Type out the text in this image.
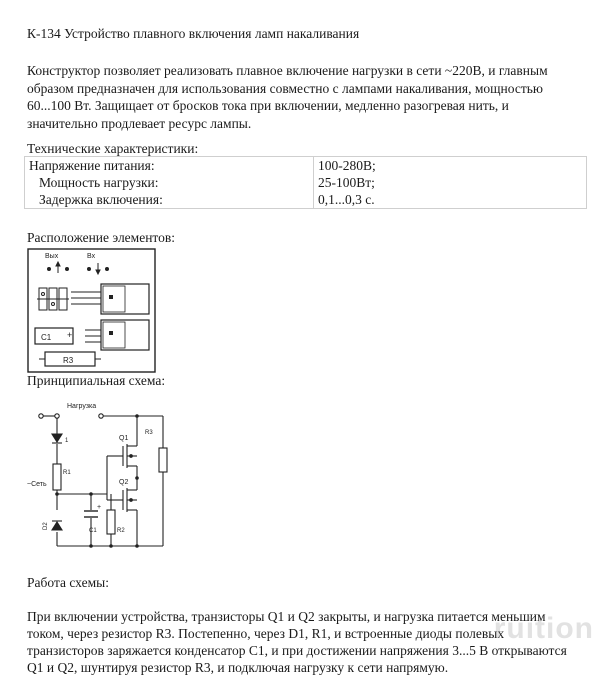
К-134 Устройство плавного включения ламп накаливания
Конструктор позволяет реализовать плавное включение нагрузки в сети ~220В, и главным
образом предназначен для использования совместно с лампами накаливания, мощностью
60...100 Вт. Защищает от бросков тока при включении, медленно разогревая нить, и
значительно продлевает ресурс лампы.
Технические характеристики:
Напряжение питания:	100-280В;
Мощность нагрузки:	25-100Вт;
Задержка включения:	0,1...0,3 с.
Расположение элементов:
Вых	Вх
C1 +
R3
Принципиальная схема:
Нагрузка
1
R1
~Сеть
D2
+
C1	R2
R3
Q1
Q2
Работа схемы:
При включении устройства, транзисторы Q1 и Q2 закрыты, и нагрузка питается меньшим
током, через резистор R3. Постепенно, через D1, R1, и встроенные диоды полевых
транзисторов заряжается конденсатор C1, и при достижении напряжения 3...5 В открываются
Q1 и Q2, шунтируя резистор R3, и подключая нагрузку к сети напрямую.
ruition
